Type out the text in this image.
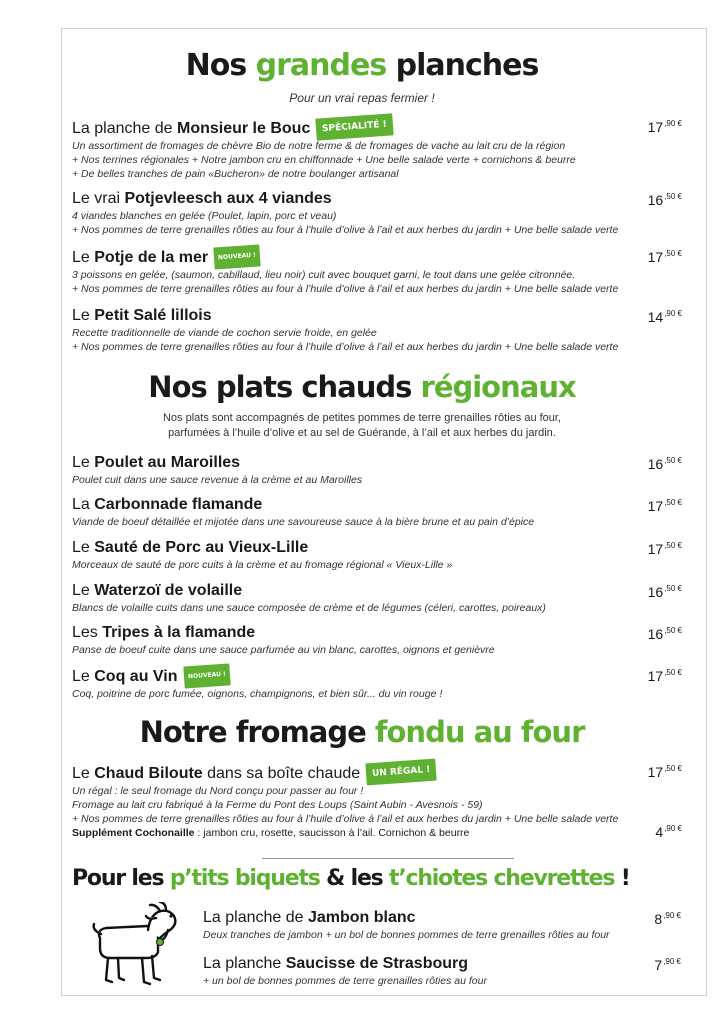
Nos grandes planches
Pour un vrai repas fermier !
La planche de Monsieur le Bouc SPÉCIALITÉ !	$17^{,90 €}$
Un assortiment de fromages de chèvre Bio de notre ferme & de fromages de vache au lait cru de la région
+ Nos terrines régionales + Notre jambon cru en chiffonnade + Une belle salade verte + cornichons & beurre
+ De belles tranches de pain «Bucheron» de notre boulanger artisanal
Le vrai Potjevleesch aux 4 viandes	$16^{,50 €}$
4 viandes blanches en gelée (Poulet, lapin, porc et veau)
+ Nos pommes de terre grenailles rôties au four à l’huile d’olive à l’ail et aux herbes du jardin + Une belle salade verte
Le Potje de la mer NOUVEAU !	$17^{,50 €}$
3 poissons en gelée, (saumon, cabillaud, lieu noir) cuit avec bouquet garni, le tout dans une gelée citronnée.
+ Nos pommes de terre grenailles rôties au four à l’huile d’olive à l’ail et aux herbes du jardin + Une belle salade verte
Le Petit Salé lillois	$14^{,90 €}$
Recette traditionnelle de viande de cochon servie froide, en gelée
+ Nos pommes de terre grenailles rôties au four à l’huile d’olive à l’ail et aux herbes du jardin + Une belle salade verte
Nos plats chauds régionaux
Nos plats sont accompagnés de petites pommes de terre grenailles rôties au four,
parfumées à l’huile d’olive et au sel de Guérande, à l’ail et aux herbes du jardin.
Le Poulet au Maroilles	$16^{,50 €}$
Poulet cuit dans une sauce revenue à la crème et au Maroilles
La Carbonnade flamande	$17^{,50 €}$
Viande de boeuf détaillée et mijotée dans une savoureuse sauce à la bière brune et au pain d’épice
Le Sauté de Porc au Vieux-Lille	$17^{,50 €}$
Morceaux de sauté de porc cuits à la crème et au fromage régional « Vieux-Lille »
Le Waterzoï de volaille	$16^{,50 €}$
Blancs de volaille cuits dans une sauce composée de crème et de légumes (céleri, carottes, poireaux)
Les Tripes à la flamande	$16^{,50 €}$
Panse de boeuf cuite dans une sauce parfumée au vin blanc, carottes, oignons et genièvre
Le Coq au Vin NOUVEAU !	$17^{,50 €}$
Coq, poitrine de porc fumée, oignons, champignons, et bien sûr... du vin rouge !
Notre fromage fondu au four
Le Chaud Biloute dans sa boîte chaude UN RÉGAL !	$17^{,50 €}$
Un régal : le seul fromage du Nord conçu pour passer au four !
Fromage au lait cru fabriqué à la Ferme du Pont des Loups (Saint Aubin - Avesnois - 59)
+ Nos pommes de terre grenailles rôties au four à l’huile d’olive à l’ail et aux herbes du jardin + Une belle salade verte
Supplément Cochonaille : jambon cru, rosette, saucisson à l’ail. Cornichon & beurre	$4^{,90 €}$
Pour les p’tits biquets & les t’chiotes chevrettes !
La planche de Jambon blanc	$8^{,90 €}$
Deux tranches de jambon + un bol de bonnes pommes de terre grenailles rôties au four
La planche Saucisse de Strasbourg	$7^{,90 €}$
+ un bol de bonnes pommes de terre grenailles rôties au four
